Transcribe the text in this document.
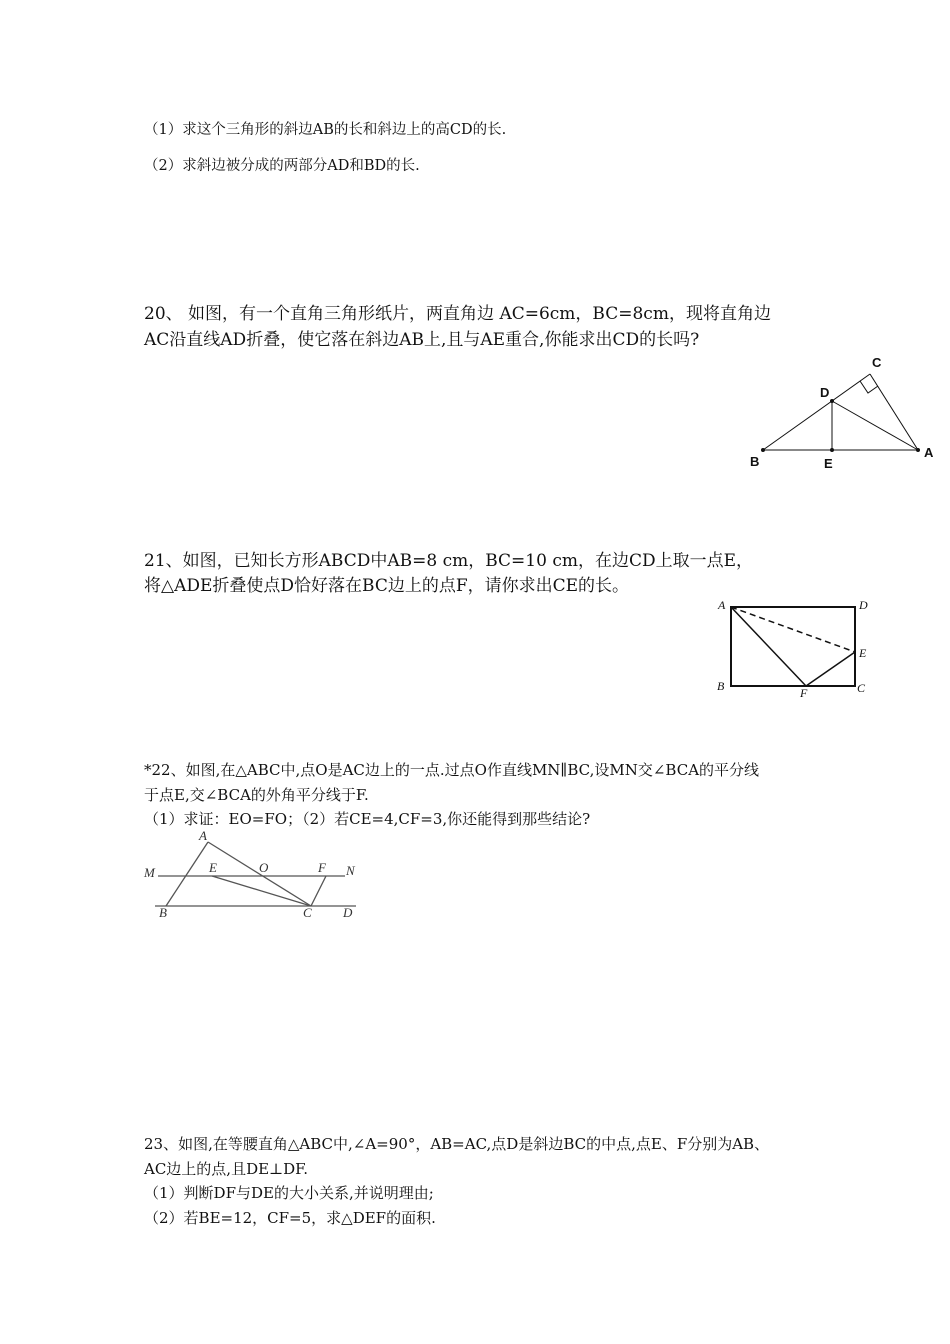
（1）求这个三角形的斜边AB的长和斜边上的高CD的长.
（2）求斜边被分成的两部分AD和BD的长.
20、 如图，有一个直角三角形纸片，两直角边 AC=6cm，BC=8cm，现将直角边
AC沿直线AD折叠，使它落在斜边AB上,且与AE重合,你能求出CD的长吗?
C
D
B	E
A
21、如图，已知长方形ABCD中AB=8 cm，BC=10 cm，在边CD上取一点E，
将△ADE折叠使点D恰好落在BC边上的点F，请你求出CE的长。
A	D
E
B	F	C
*22、如图,在△ABC中,点O是AC边上的一点.过点O作直线MN∥BC,设MN交∠BCA的平分线
于点E,交∠BCA的外角平分线于F.
（1）求证：EO=FO；（2）若CE=4,CF=3,你还能得到那些结论?
A
M	E	O	F N
B	C D
23、如图,在等腰直角△ABC中,∠A=90°，AB=AC,点D是斜边BC的中点,点E、F分别为AB、
AC边上的点,且DE⊥DF.
（1）判断DF与DE的大小关系,并说明理由;
（2）若BE=12，CF=5，求△DEF的面积.
